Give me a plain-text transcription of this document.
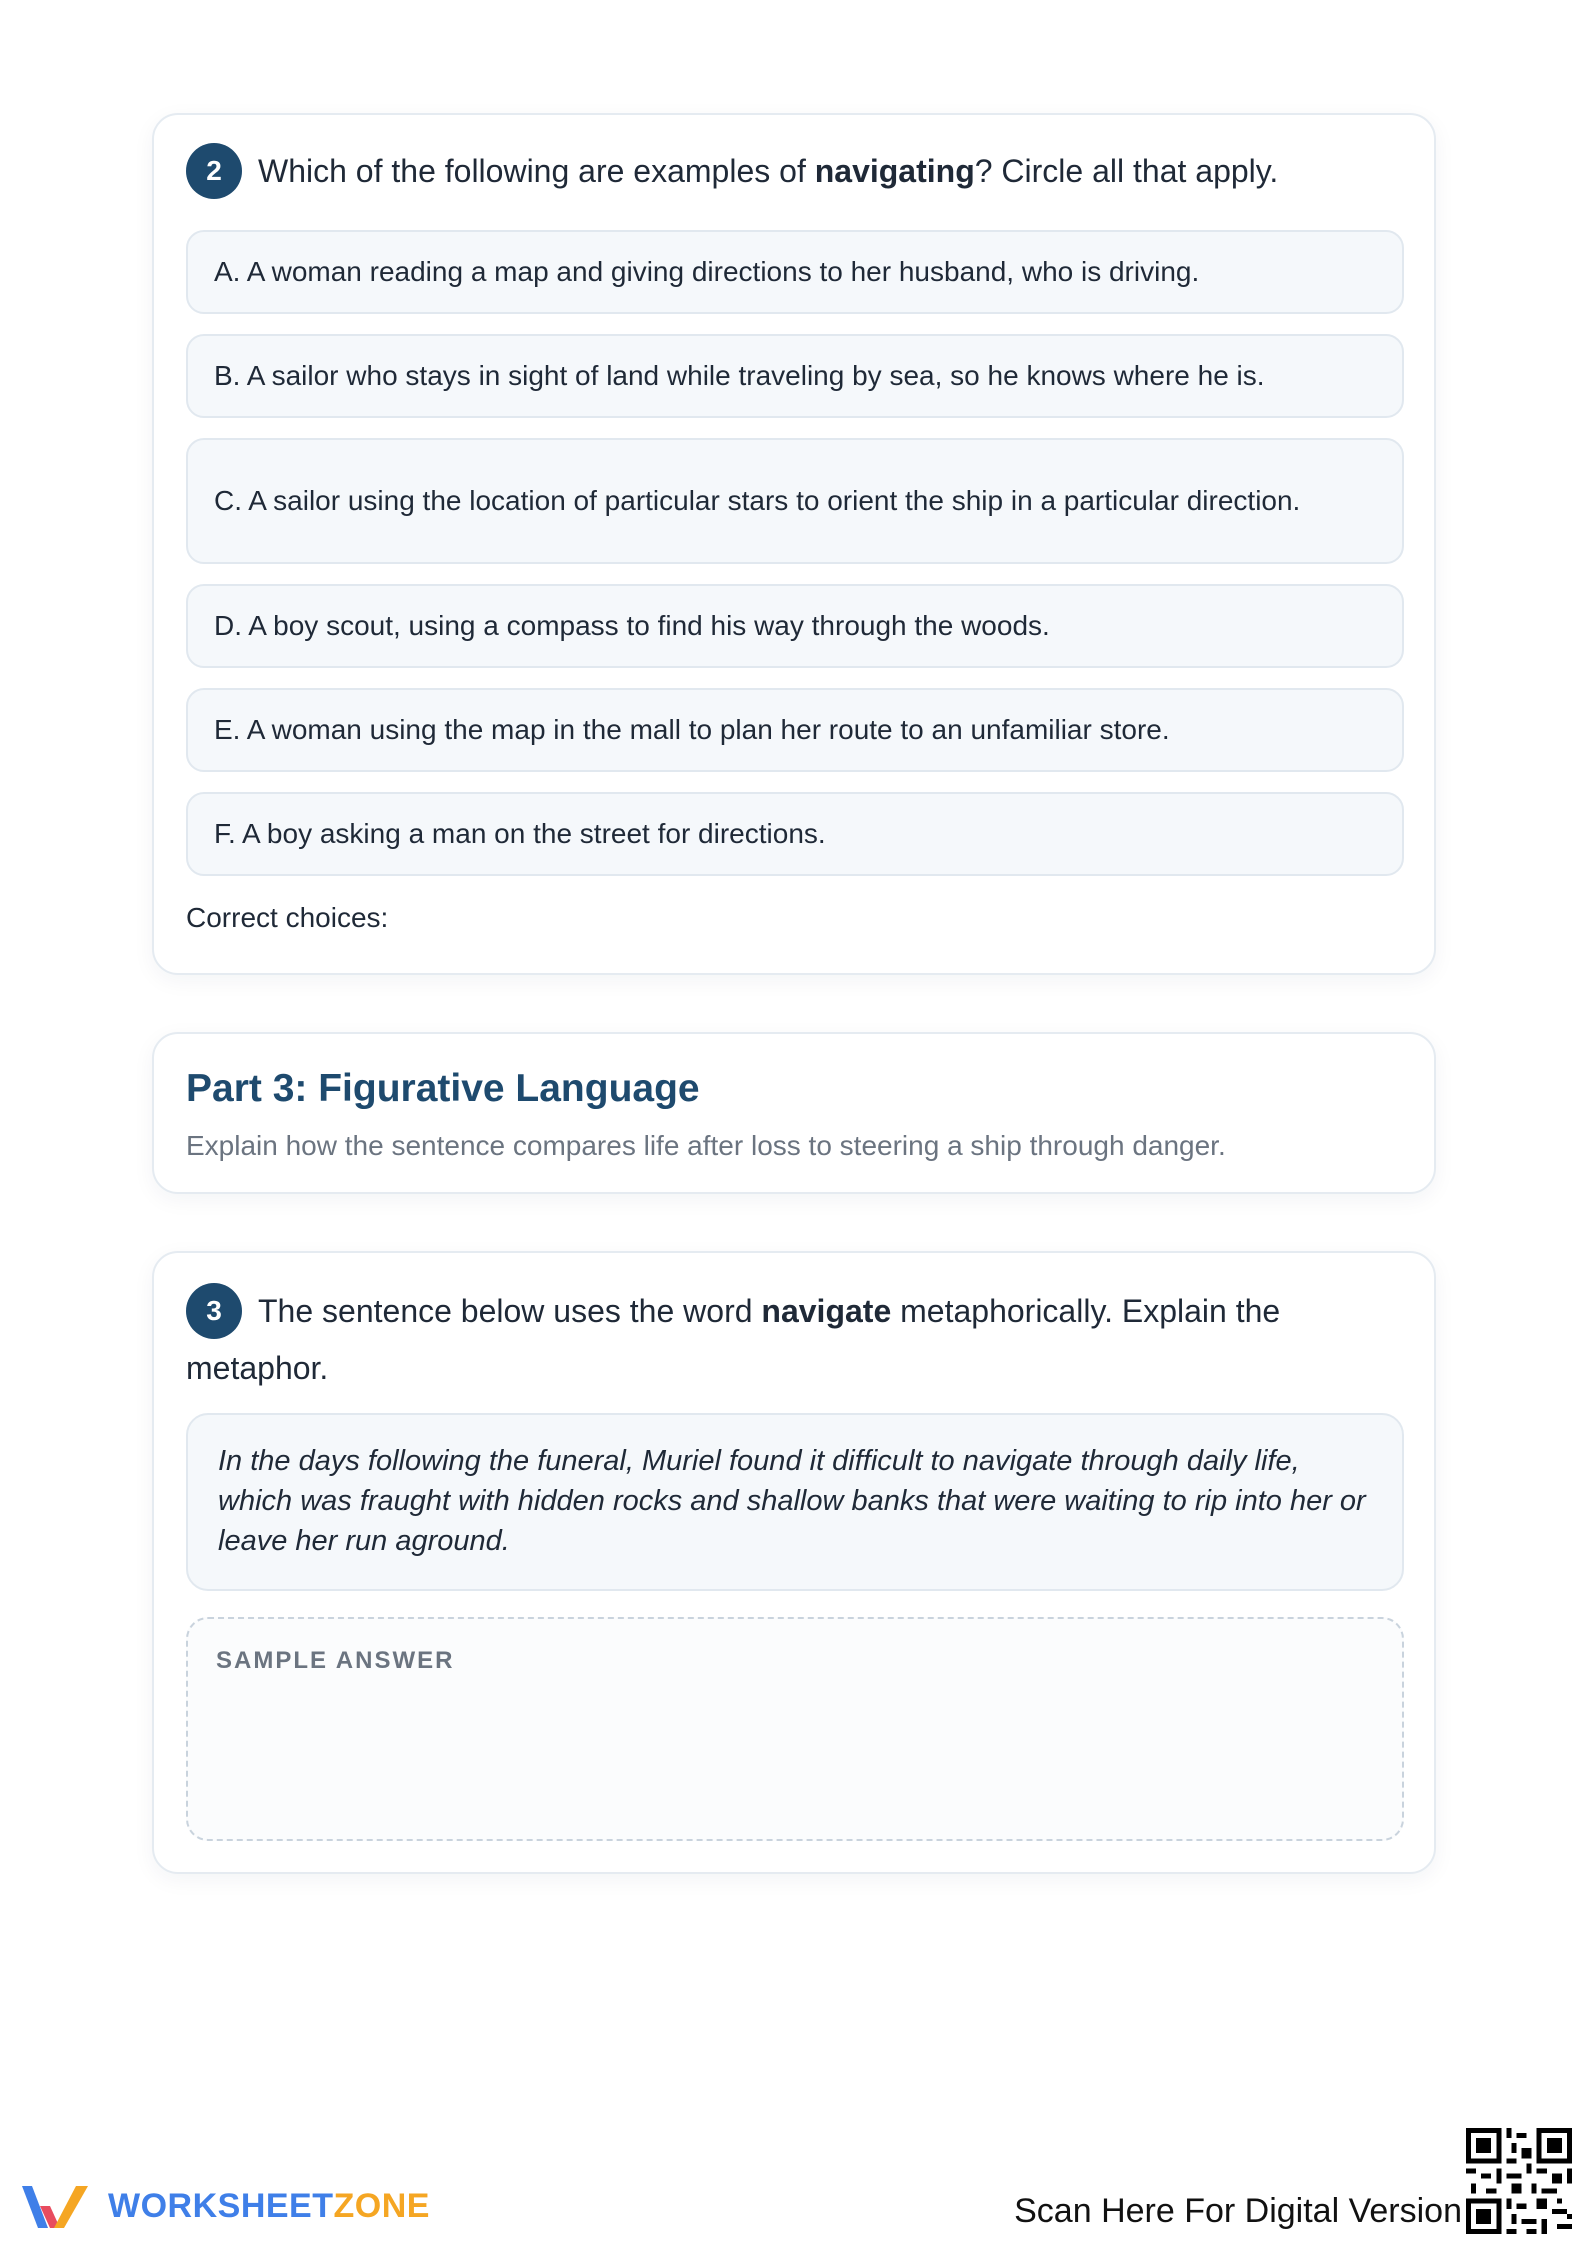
2 Which of the following are examples of navigating? Circle all that apply.
A. A woman reading a map and giving directions to her husband, who is driving.
B. A sailor who stays in sight of land while traveling by sea, so he knows where he is.
C. A sailor using the location of particular stars to orient the ship in a particular direction.
D. A boy scout, using a compass to find his way through the woods.
E. A woman using the map in the mall to plan her route to an unfamiliar store.
F. A boy asking a man on the street for directions.
Correct choices:
Part 3: Figurative Language
Explain how the sentence compares life after loss to steering a ship through danger.
3 The sentence below uses the word navigate metaphorically. Explain the metaphor.
In the days following the funeral, Muriel found it difficult to navigate through daily life, which was fraught with hidden rocks and shallow banks that were waiting to rip into her or leave her run aground.
SAMPLE ANSWER
WORKSHEETZONE	Scan Here For Digital Version
